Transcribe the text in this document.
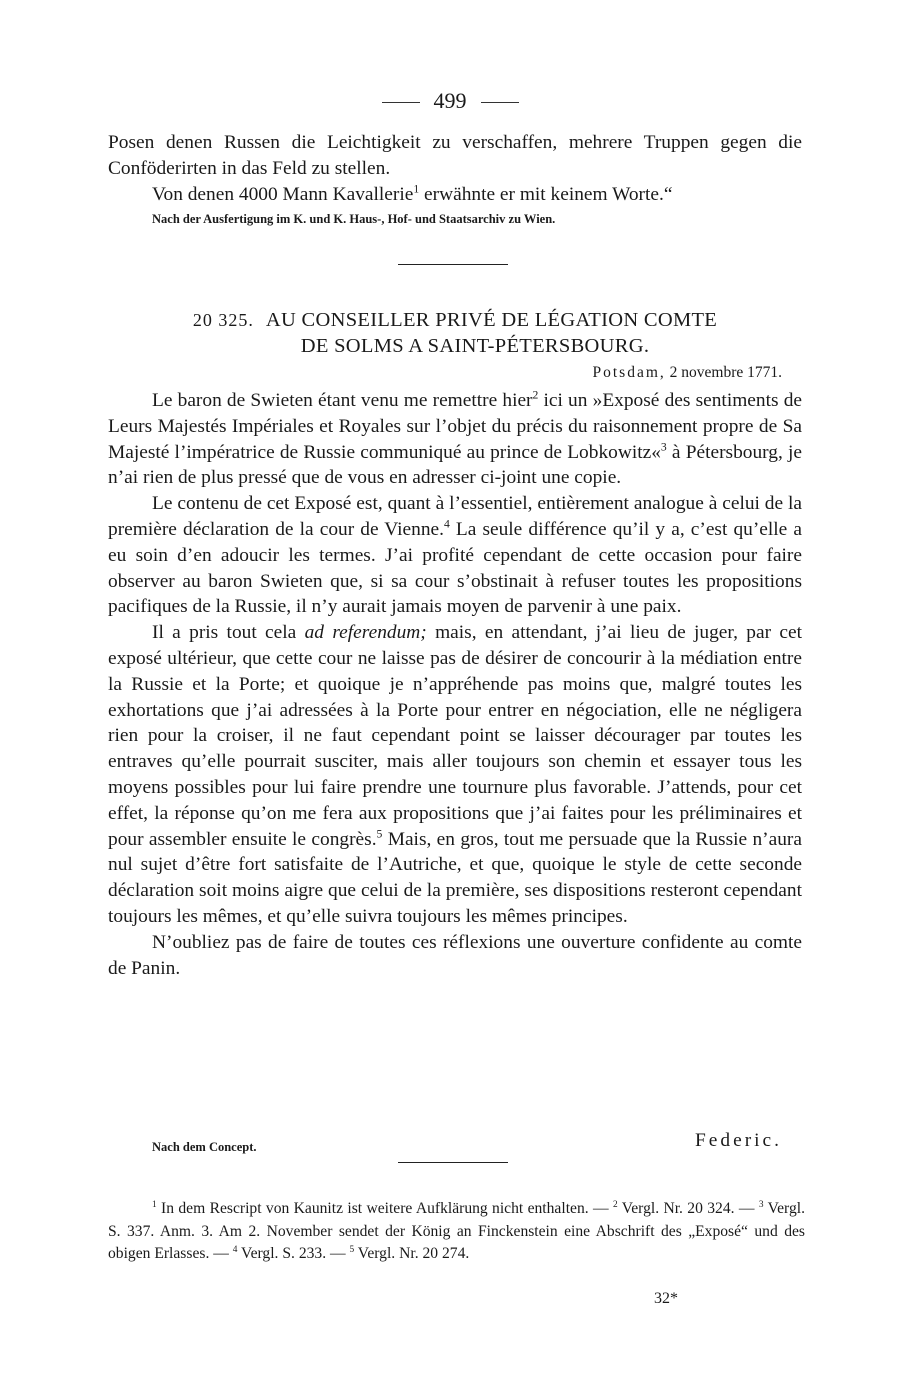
499

Posen denen Russen die Leichtigkeit zu verschaffen, mehrere Truppen gegen die Conföderirten in das Feld zu stellen.

Von denen 4000 Mann Kavallerie$^1$ erwähnte er mit keinem Worte.“

Nach der Ausfertigung im K. und K. Haus-, Hof- und Staatsarchiv zu Wien.

20 325. AU CONSEILLER PRIVÉ DE LÉGATION COMTE
DE SOLMS A SAINT-PÉTERSBOURG.
Potsdam, 2 novembre 1771.

Le baron de Swieten étant venu me remettre hier$^2$ ici un »Exposé des sentiments de Leurs Majestés Impériales et Royales sur l’objet du précis du raisonnement propre de Sa Majesté l’impératrice de Russie communiqué au prince de Lobkowitz«$^3$ à Pétersbourg, je n’ai rien de plus pressé que de vous en adresser ci-joint une copie.

Le contenu de cet Exposé est, quant à l’essentiel, entièrement analogue à celui de la première déclaration de la cour de Vienne.$^4$ La seule différence qu’il y a, c’est qu’elle a eu soin d’en adoucir les termes. J’ai profité cependant de cette occasion pour faire observer au baron Swieten que, si sa cour s’obstinait à refuser toutes les propositions pacifiques de la Russie, il n’y aurait jamais moyen de parvenir à une paix.

Il a pris tout cela ad referendum; mais, en attendant, j’ai lieu de juger, par cet exposé ultérieur, que cette cour ne laisse pas de désirer de concourir à la médiation entre la Russie et la Porte; et quoique je n’appréhende pas moins que, malgré toutes les exhortations que j’ai adressées à la Porte pour entrer en négociation, elle ne négligera rien pour la croiser, il ne faut cependant point se laisser décourager par toutes les entraves qu’elle pourrait susciter, mais aller toujours son chemin et essayer tous les moyens possibles pour lui faire prendre une tournure plus favorable. J’attends, pour cet effet, la réponse qu’on me fera aux propositions que j’ai faites pour les préliminaires et pour assembler ensuite le congrès.$^5$ Mais, en gros, tout me persuade que la Russie n’aura nul sujet d’être fort satisfaite de l’Autriche, et que, quoique le style de cette seconde déclaration soit moins aigre que celui de la première, ses dispositions resteront cependant toujours les mêmes, et qu’elle suivra toujours les mêmes principes.

N’oubliez pas de faire de toutes ces réflexions une ouverture confidente au comte de Panin.

Nach dem Concept.	Federic.

$^1$ In dem Rescript von Kaunitz ist weitere Aufklärung nicht enthalten. — $^2$ Vergl. Nr. 20 324. — $^3$ Vergl. S. 337. Anm. 3. Am 2. November sendet der König an Finckenstein eine Abschrift des „Exposé“ und des obigen Erlasses. — $^4$ Vergl. S. 233. — $^5$ Vergl. Nr. 20 274.

32*
